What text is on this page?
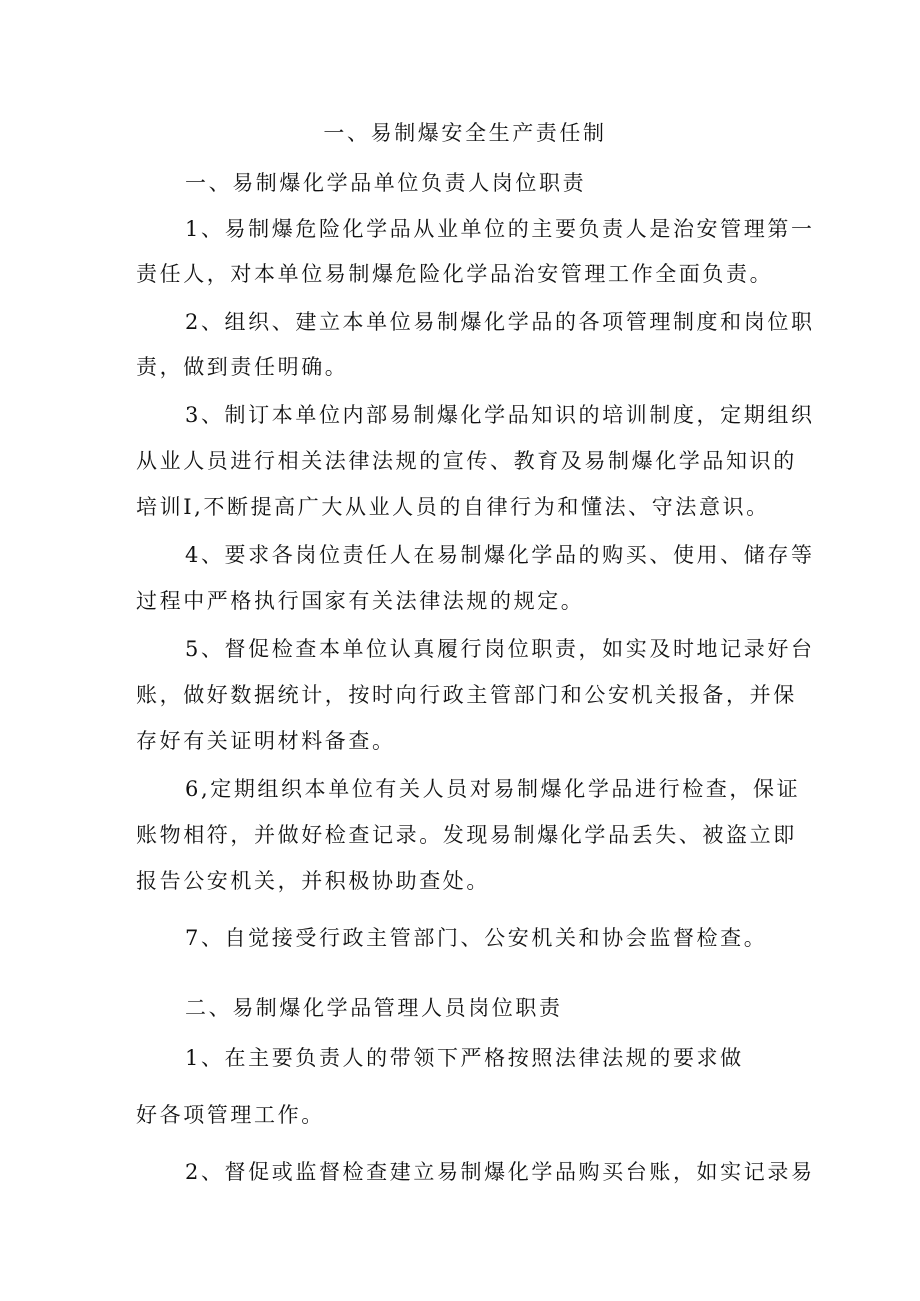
一、易制爆安全生产责任制
一、易制爆化学品单位负责人岗位职责
1、易制爆危险化学品从业单位的主要负责人是治安管理第一
责任人，对本单位易制爆危险化学品治安管理工作全面负责。
2、组织、建立本单位易制爆化学品的各项管理制度和岗位职
责，做到责任明确。
3、制订本单位内部易制爆化学品知识的培训制度，定期组织
从业人员进行相关法律法规的宣传、教育及易制爆化学品知识的
培训I,不断提高广大从业人员的自律行为和懂法、守法意识。
4、要求各岗位责任人在易制爆化学品的购买、使用、储存等
过程中严格执行国家有关法律法规的规定。
5、督促检查本单位认真履行岗位职责，如实及时地记录好台
账，做好数据统计，按时向行政主管部门和公安机关报备，并保
存好有关证明材料备查。
6,定期组织本单位有关人员对易制爆化学品进行检查，保证
账物相符，并做好检查记录。发现易制爆化学品丢失、被盗立即
报告公安机关，并积极协助查处。
7、自觉接受行政主管部门、公安机关和协会监督检查。
二、易制爆化学品管理人员岗位职责
1、在主要负责人的带领下严格按照法律法规的要求做
好各项管理工作。
2、督促或监督检查建立易制爆化学品购买台账，如实记录易
